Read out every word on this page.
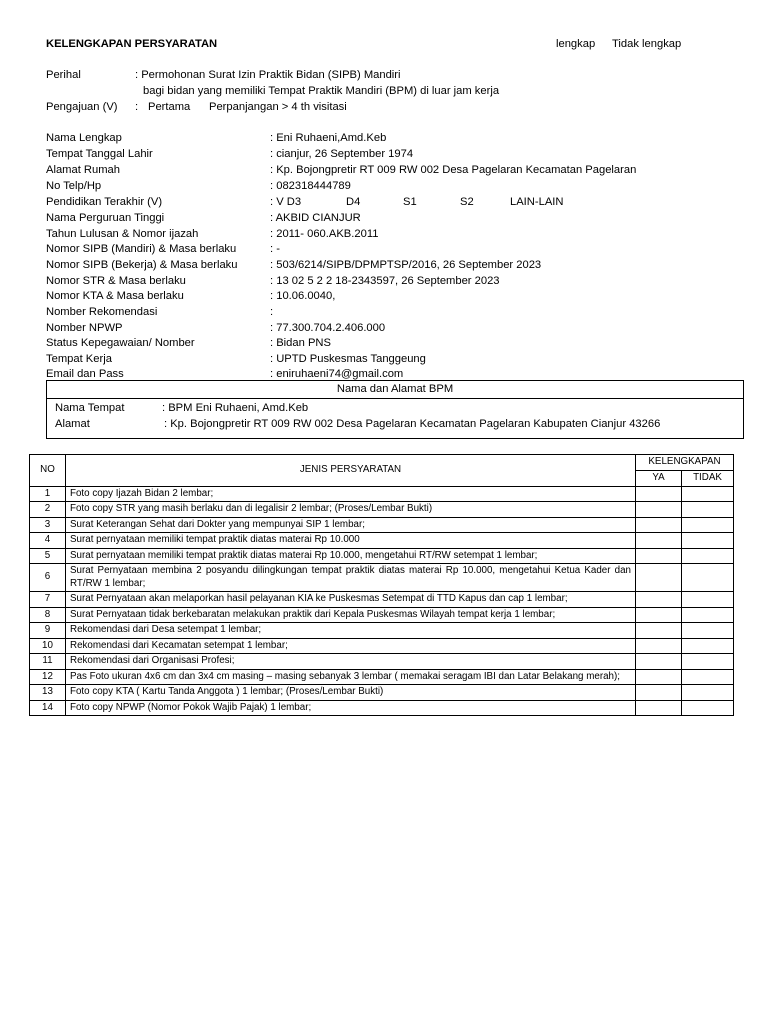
KELENGKAPAN PERSYARATAN	lengkap Tidak lengkap
Perihal	: Permohonan Surat Izin Praktik Bidan (SIPB) Mandiri
bagi bidan yang memiliki Tempat Praktik Mandiri (BPM) di luar jam kerja
Pengajuan (V) : Pertama Perpanjangan > 4 th visitasi
Nama Lengkap	: Eni Ruhaeni,Amd.Keb
Tempat Tanggal Lahir	: cianjur, 26 September 1974
Alamat Rumah	: Kp. Bojongpretir RT 009 RW 002 Desa Pagelaran Kecamatan Pagelaran
No Telp/Hp	: 082318444789
Pendidikan Terakhir (V)	: V D3	D4	S1	S2	LAIN-LAIN
Nama Perguruan Tinggi	: AKBID CIANJUR
Tahun Lulusan & Nomor ijazah	: 2011- 060.AKB.2011
Nomor SIPB (Mandiri) & Masa berlaku	: -
Nomor SIPB (Bekerja) & Masa berlaku	: 503/6214/SIPB/DPMPTSP/2016, 26 September 2023
Nomor STR & Masa berlaku	: 13 02 5 2 2 18-2343597, 26 September 2023
Nomor KTA & Masa berlaku	: 10.06.0040,
Nomber Rekomendasi	:
Nomber NPWP	: 77.300.704.2.406.000
Status Kepegawaian/ Nomber	: Bidan PNS
Tempat Kerja	: UPTD Puskesmas Tanggeung
Email dan Pass	: eniruhaeni74@gmail.com
Nama dan Alamat BPM
Nama Tempat	: BPM Eni Ruhaeni, Amd.Keb
Alamat	: Kp. Bojongpretir RT 009 RW 002 Desa Pagelaran Kecamatan Pagelaran Kabupaten Cianjur 43266
NO	JENIS PERSYARATAN	KELENGKAPAN	
		YA	TIDAK
1	Foto copy Ijazah Bidan 2 lembar;	

2	Foto copy STR yang masih berlaku dan di legalisir 2 lembar; (Proses/Lembar Bukti)	

3	Surat Keterangan Sehat dari Dokter yang mempunyai SIP 1 lembar;	

4	Surat pernyataan memiliki tempat praktik diatas materai Rp 10.000	

5	Surat pernyataan memiliki tempat praktik diatas materai Rp 10.000, mengetahui RT/RW setempat 1 lembar;	

6	Surat Pernyataan membina 2 posyandu dilingkungan tempat praktik diatas materai Rp 10.000, mengetahui Ketua Kader dan RT/RW 1 lembar;	

7	Surat Pernyataan akan melaporkan hasil pelayanan KIA ke Puskesmas Setempat di TTD Kapus dan cap 1 lembar;	

8	Surat Pernyataan tidak berkebaratan melakukan praktik dari Kepala Puskesmas Wilayah tempat kerja 1 lembar;	

9	Rekomendasi dari Desa setempat 1 lembar;	

10	Rekomendasi dari Kecamatan setempat 1 lembar;	

11	Rekomendasi dari Organisasi Profesi;	

12	Pas Foto ukuran 4x6 cm dan 3x4 cm masing – masing sebanyak 3 lembar ( memakai seragam IBI dan Latar Belakang merah);	

13	Foto copy KTA ( Kartu Tanda Anggota ) 1 lembar; (Proses/Lembar Bukti)	

14	Foto copy NPWP (Nomor Pokok Wajib Pajak) 1 lembar;	
